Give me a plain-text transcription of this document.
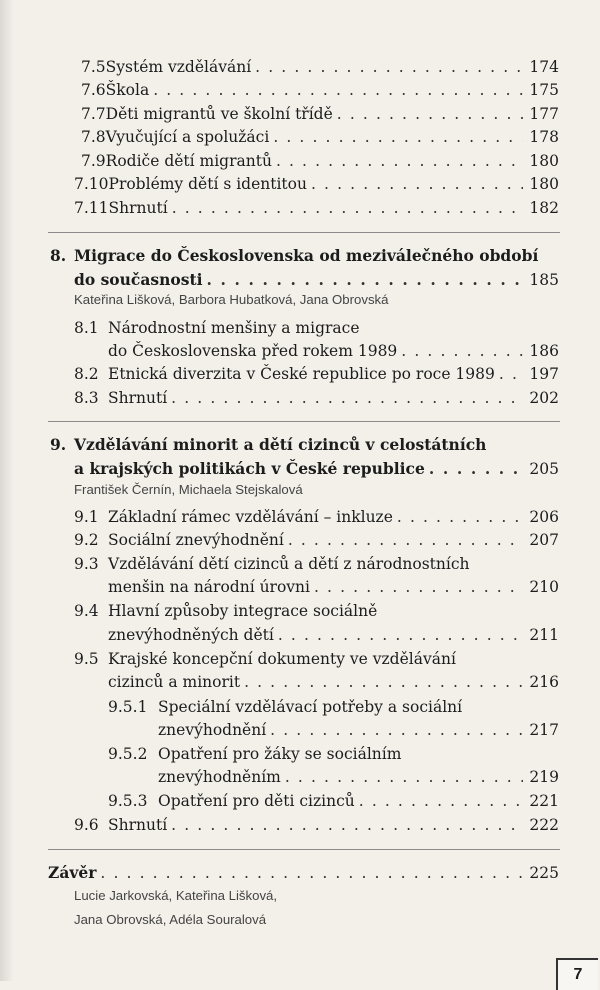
7.5 Systém vzdělávání . . .	174
7.6 Škola . . .	175
7.7 Děti migrantů ve školní třídě . . .	177
7.8 Vyučující a spolužáci . . .	178
7.9 Rodiče dětí migrantů . . .	180
7.10 Problémy dětí s identitou . . .	180
7.11 Shrnutí . . .	182
8. Migrace do Československa od meziválečného období
do současnosti . . .	185
Kateřina Lišková, Barbora Hubatková, Jana Obrovská
8.1 Národnostní menšiny a migrace
do Československa před rokem 1989 . . .	186
8.2 Etnická diverzita v České republice po roce 1989 . . . 197
8.3 Shrnutí . . .	202
9. Vzdělávání minorit a dětí cizinců v celostátních
a krajských politikách v České republice . . .	205
František Černín, Michaela Stejskalová
9.1 Základní rámec vzdělávání – inkluze . . .	206
9.2 Sociální znevýhodnění . . .	207
9.3 Vzdělávání dětí cizinců a dětí z národnostních
menšin na národní úrovni . . .	210
9.4 Hlavní způsoby integrace sociálně
znevýhodněných dětí . . .	211
9.5 Krajské koncepční dokumenty ve vzdělávání
cizinců a minorit . . .	216
9.5.1 Speciální vzdělávací potřeby a sociální
znevýhodnění . . .	217
9.5.2 Opatření pro žáky se sociálním
znevýhodněním . . .	219
9.5.3 Opatření pro děti cizinců . . .	221
9.6 Shrnutí . . .	222
Závěr . . .	225
Lucie Jarkovská, Kateřina Lišková,
Jana Obrovská, Adéla Souralová
7
